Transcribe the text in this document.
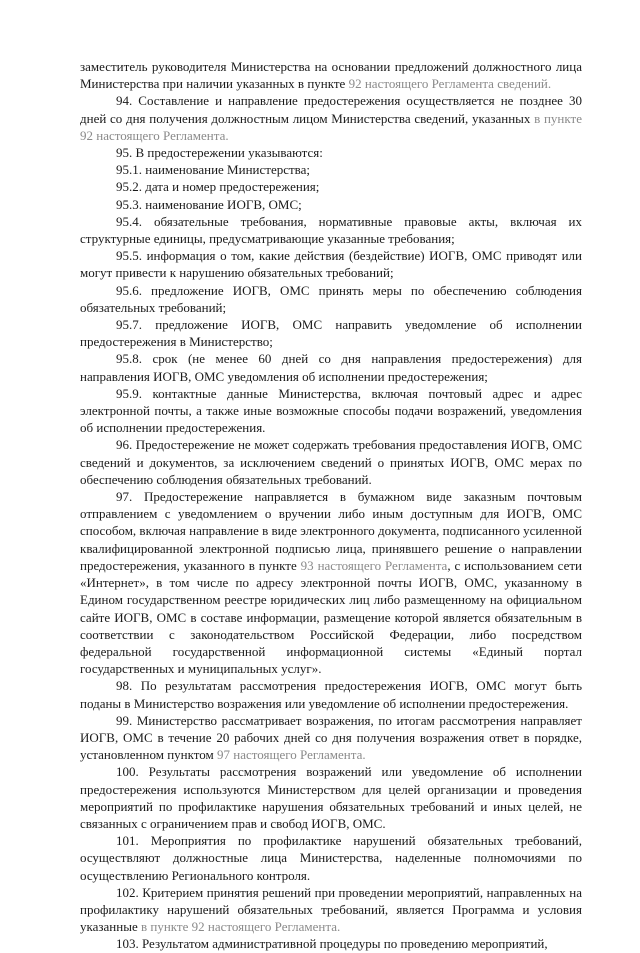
заместитель руководителя Министерства на основании предложений должностного лица Министерства при наличии указанных в пункте 92 настоящего Регламента сведений.

94. Составление и направление предостережения осуществляется не позднее 30 дней со дня получения должностным лицом Министерства сведений, указанных в пункте 92 настоящего Регламента.

95. В предостережении указываются:

95.1. наименование Министерства;

95.2. дата и номер предостережения;

95.3. наименование ИОГВ, ОМС;

95.4. обязательные требования, нормативные правовые акты, включая их структурные единицы, предусматривающие указанные требования;

95.5. информация о том, какие действия (бездействие) ИОГВ, ОМС приводят или могут привести к нарушению обязательных требований;

95.6. предложение ИОГВ, ОМС принять меры по обеспечению соблюдения обязательных требований;

95.7. предложение ИОГВ, ОМС направить уведомление об исполнении предостережения в Министерство;

95.8. срок (не менее 60 дней со дня направления предостережения) для направления ИОГВ, ОМС уведомления об исполнении предостережения;

95.9. контактные данные Министерства, включая почтовый адрес и адрес электронной почты, а также иные возможные способы подачи возражений, уведомления об исполнении предостережения.

96. Предостережение не может содержать требования предоставления ИОГВ, ОМС сведений и документов, за исключением сведений о принятых ИОГВ, ОМС мерах по обеспечению соблюдения обязательных требований.

97. Предостережение направляется в бумажном виде заказным почтовым отправлением с уведомлением о вручении либо иным доступным для ИОГВ, ОМС способом, включая направление в виде электронного документа, подписанного усиленной квалифицированной электронной подписью лица, принявшего решение о направлении предостережения, указанного в пункте 93 настоящего Регламента, с использованием сети «Интернет», в том числе по адресу электронной почты ИОГВ, ОМС, указанному в Едином государственном реестре юридических лиц либо размещенному на официальном сайте ИОГВ, ОМС в составе информации, размещение которой является обязательным в соответствии с законодательством Российской Федерации, либо посредством федеральной государственной информационной системы «Единый портал государственных и муниципальных услуг».

98. По результатам рассмотрения предостережения ИОГВ, ОМС могут быть поданы в Министерство возражения или уведомление об исполнении предостережения.

99. Министерство рассматривает возражения, по итогам рассмотрения направляет ИОГВ, ОМС в течение 20 рабочих дней со дня получения возражения ответ в порядке, установленном пунктом 97 настоящего Регламента.

100. Результаты рассмотрения возражений или уведомление об исполнении предостережения используются Министерством для целей организации и проведения мероприятий по профилактике нарушения обязательных требований и иных целей, не связанных с ограничением прав и свобод ИОГВ, ОМС.

101. Мероприятия по профилактике нарушений обязательных требований, осуществляют должностные лица Министерства, наделенные полномочиями по осуществлению Регионального контроля.

102. Критерием принятия решений при проведении мероприятий, направленных на профилактику нарушений обязательных требований, является Программа и условия указанные в пункте 92 настоящего Регламента.

103. Результатом административной процедуры по проведению мероприятий,
